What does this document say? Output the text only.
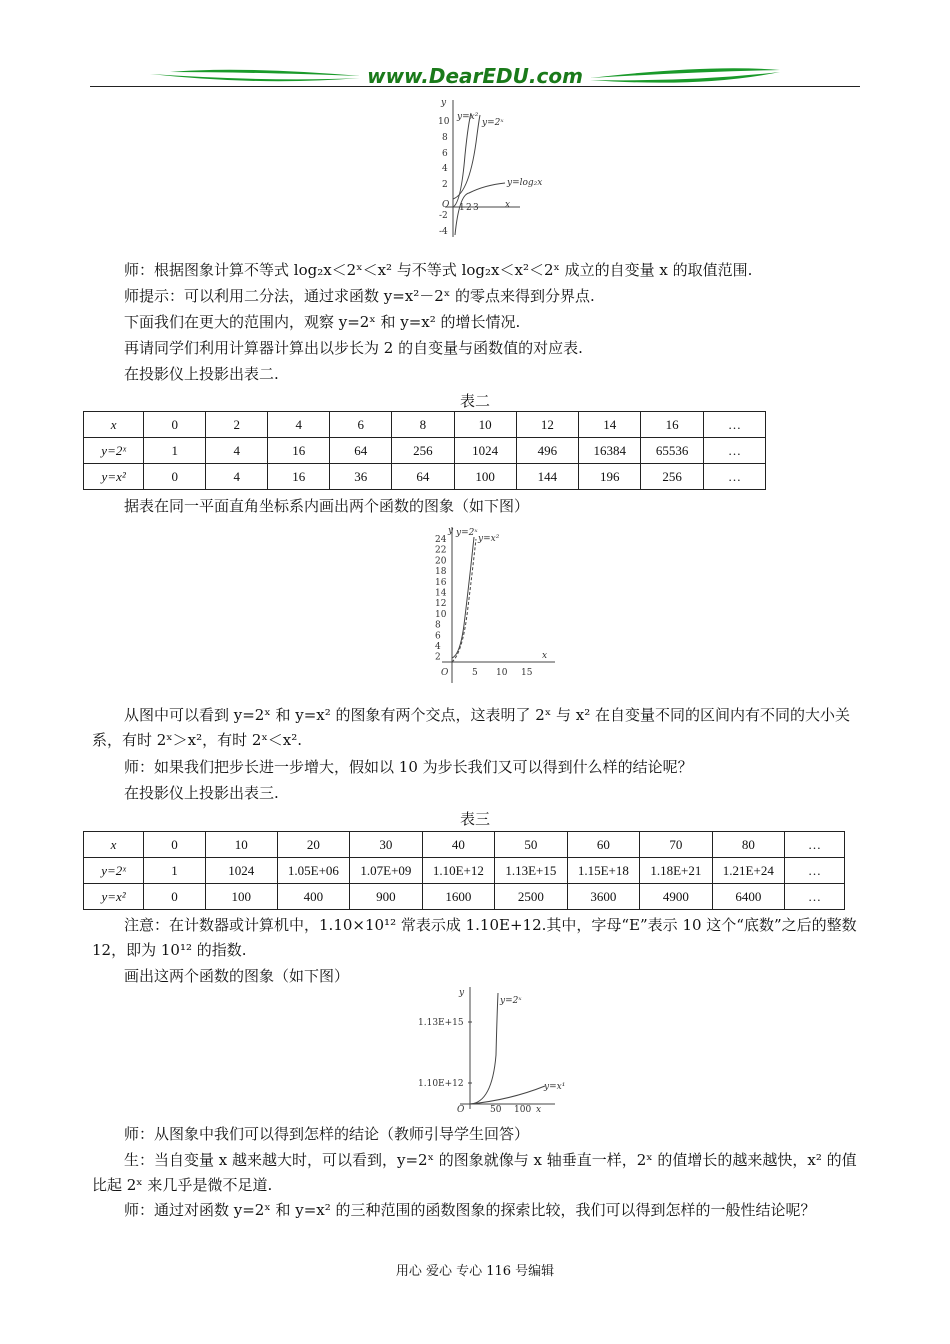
www.DearEDU.com
y
x
O
10
8
6
4
2
-2
-4
1 2 3
y=x²
y=2ˣ
y=log₂x
师：根据图象计算不等式 log₂x＜2ˣ＜x² 与不等式 log₂x＜x²＜2ˣ 成立的自变量 x 的取值范围.
师提示：可以利用二分法，通过求函数 y=x²－2ˣ 的零点来得到分界点.
下面我们在更大的范围内，观察 y=2ˣ 和 y=x² 的增长情况.
再请同学们利用计算器计算出以步长为 2 的自变量与函数值的对应表.
在投影仪上投影出表二.
表二
x	0	2	4	6	8	10	12	14	16	…
y=2ˣ	1	4	16	64	256	1024	496	16384	65536	…
y=x²	0	4	16	36	64	100	144	196	256	…
据表在同一平面直角坐标系内画出两个函数的图象（如下图）
y
x
O
24
22
20
18
16
14
12
10
8
6
4
2
5 10 15
y=2ˣ
y=x²
从图中可以看到 y=2ˣ 和 y=x² 的图象有两个交点，这表明了 2ˣ 与 x² 在自变量不同的区间内有不同的大小关系，有时 2ˣ＞x²，有时 2ˣ＜x².
师：如果我们把步长进一步增大，假如以 10 为步长我们又可以得到什么样的结论呢？
在投影仪上投影出表三.
表三
x	0	10	20	30	40	50	60	70	80	…
y=2ˣ	1	1024	1.05E+06	1.07E+09	1.10E+12	1.13E+15	1.15E+18	1.18E+21	1.21E+24	…
y=x²	0	100	400	900	1600	2500	3600	4900	6400	…
注意：在计数器或计算机中，1.10×10¹² 常表示成 1.10E+12.其中，字母“E”表示 10 这个“底数”之后的整数 12，即为 10¹² 的指数.
画出这两个函数的图象（如下图）
y
x
O
1.13E+15
1.10E+12
50 100
y=2ˣ
y=x¹
师：从图象中我们可以得到怎样的结论（教师引导学生回答）
生：当自变量 x 越来越大时，可以看到，y=2ˣ 的图象就像与 x 轴垂直一样，2ˣ 的值增长的越来越快，x² 的值比起 2ˣ 来几乎是微不足道.
师：通过对函数 y=2ˣ 和 y=x² 的三种范围的函数图象的探索比较，我们可以得到怎样的一般性结论呢？
用心 爱心 专心 116 号编辑
